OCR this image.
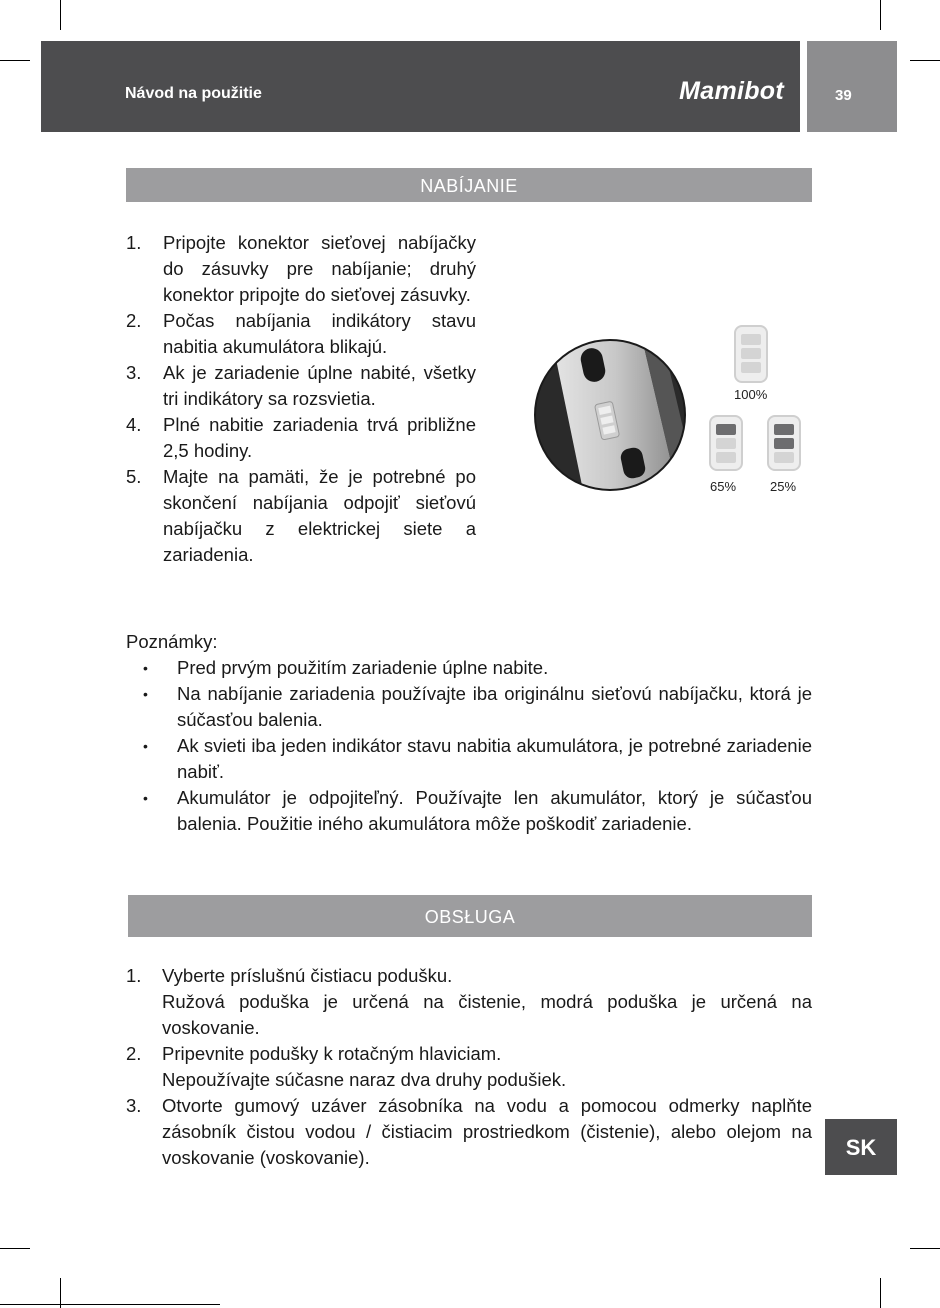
Návod na použitie	Mamibot	39
NABÍJANIE
1. Pripojte konektor sieťovej nabíjačky do zásuvky pre nabíjanie; druhý konektor pripojte do sieťovej zásuvky.
2. Počas nabíjania indikátory stavu nabitia akumulátora blikajú.
3. Ak je zariadenie úplne nabité, všetky tri indikátory sa rozsvietia.
4. Plné nabitie zariadenia trvá približne 2,5 hodiny.
5. Majte na pamäti, že je potrebné po skončení nabíjania odpojiť sieťovú nabíjačku z elektrickej siete a zariadenia.
100%
65%	25%
Poznámky:
• Pred prvým použitím zariadenie úplne nabite.
• Na nabíjanie zariadenia používajte iba originálnu sieťovú nabíjačku, ktorá je súčasťou balenia.
• Ak svieti iba jeden indikátor stavu nabitia akumulátora, je potrebné zariadenie nabiť.
• Akumulátor je odpojiteľný. Používajte len akumulátor, ktorý je súčasťou balenia. Použitie iného akumulátora môže poškodiť zariadenie.
OBSŁUGA
1. Vyberte príslušnú čistiacu podušku.
Ružová poduška je určená na čistenie, modrá poduška je určená na voskovanie.
2. Pripevnite podušky k rotačným hlaviciam.
Nepoužívajte súčasne naraz dva druhy podušiek.
3. Otvorte gumový uzáver zásobníka na vodu a pomocou odmerky naplňte zásobník čistou vodou / čistiacim prostriedkom (čistenie), alebo olejom na voskovanie (voskovanie).	SK
